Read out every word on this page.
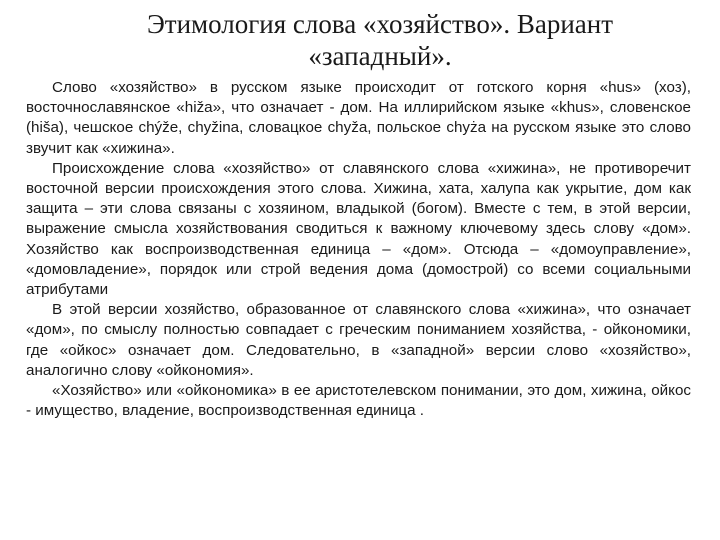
Этимология слова «хозяйство». Вариант
«западный».

Слово «хозяйство» в русском языке происходит от готского корня «hus» (хоз), восточнославянское «hiža», что означает - дом. На иллирийском языке «khus», словенское (hiša), чешское chýže, chyžina, словацкое chyža, польское chyża на русском языке это слово звучит как «хижина».

Происхождение слова «хозяйство» от славянского слова «хижина», не противоречит восточной версии происхождения этого слова. Хижина, хата, халупа как укрытие, дом как защита – эти слова связаны с хозяином, владыкой (богом). Вместе с тем, в этой версии, выражение смысла хозяйствования сводиться к важному ключевому здесь слову «дом». Хозяйство как воспроизводственная единица – «дом». Отсюда – «домоуправление», «домовладение», порядок или строй ведения дома (домострой) со всеми социальными атрибутами

В этой версии хозяйство, образованное от славянского слова «хижина», что означает «дом», по смыслу полностью совпадает с греческим пониманием хозяйства, - ойкономики, где «ойкос» означает дом. Следовательно, в «западной» версии слово «хозяйство», аналогично слову «ойкономия».

«Хозяйство» или «ойкономика» в ее аристотелевском понимании, это дом, хижина, ойкос - имущество, владение, воспроизводственная единица .
